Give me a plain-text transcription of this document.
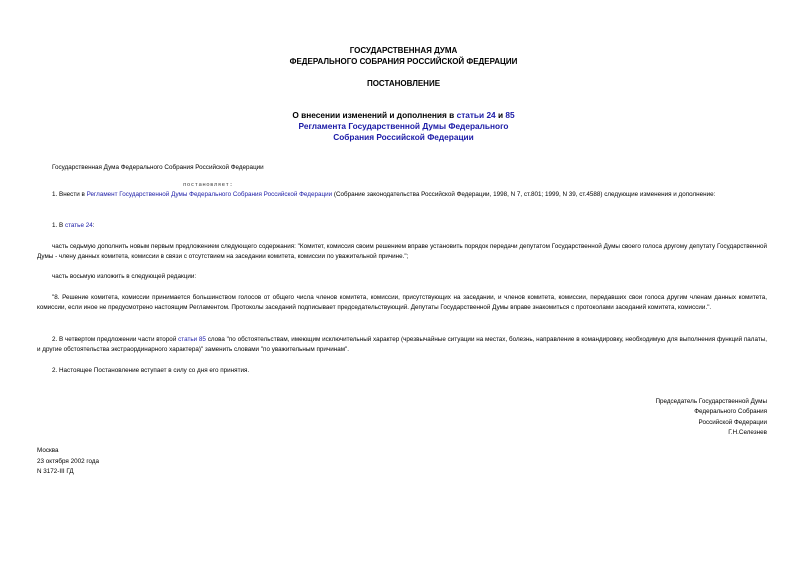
ГОСУДАРСТВЕННАЯ ДУМА
ФЕДЕРАЛЬНОГО СОБРАНИЯ РОССИЙСКОЙ ФЕДЕРАЦИИ
ПОСТАНОВЛЕНИЕ
О внесении изменений и дополнения в статьи 24 и 85
Регламента Государственной Думы Федерального
Собрания Российской Федерации
Государственная Дума Федерального Собрания Российской Федерации
постановляет:
1. Внести в Регламент Государственной Думы Федерального Собрания Российской Федерации (Собрание законодательства Российской Федерации, 1998, N 7, ст.801; 1999, N 39, ст.4588) следующие изменения и дополнение:
1. В статье 24:
часть седьмую дополнить новым первым предложением следующего содержания: "Комитет, комиссия своим решением вправе установить порядок передачи депутатом Государственной Думы своего голоса другому депутату Государственной Думы - члену данных комитета, комиссии в связи с отсутствием на заседании комитета, комиссии по уважительной причине.";
часть восьмую изложить в следующей редакции:
"8. Решение комитета, комиссии принимается большинством голосов от общего числа членов комитета, комиссии, присутствующих на заседании, и членов комитета, комиссии, передавших свои голоса другим членам данных комитета, комиссии, если иное не предусмотрено настоящим Регламентом. Протоколы заседаний подписывает председательствующий. Депутаты Государственной Думы вправе знакомиться с протоколами заседаний комитета, комиссии.".
2. В четвертом предложении части второй статьи 85 слова "по обстоятельствам, имеющим исключительный характер (чрезвычайные ситуации на местах, болезнь, направление в командировку, необходимую для выполнения функций палаты, и другие обстоятельства экстраординарного характера)" заменить словами "по уважительным причинам".
2. Настоящее Постановление вступает в силу со дня его принятия.
Председатель Государственной Думы
Федерального Собрания
Российской Федерации
Г.Н.Селезнев
Москва
23 октября 2002 года
N 3172-III ГД
